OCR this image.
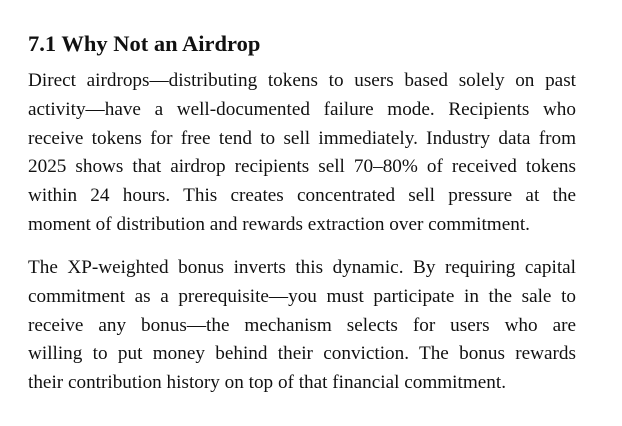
7.1 Why Not an Airdrop

Direct airdrops—distributing tokens to users based solely on past
activity—have a well-documented failure mode. Recipients who
receive tokens for free tend to sell immediately. Industry data from
2025 shows that airdrop recipients sell 70–80% of received tokens
within 24 hours. This creates concentrated sell pressure at the
moment of distribution and rewards extraction over commitment.

The XP-weighted bonus inverts this dynamic. By requiring capital
commitment as a prerequisite—you must participate in the sale to
receive any bonus—the mechanism selects for users who are
willing to put money behind their conviction. The bonus rewards
their contribution history on top of that financial commitment.
